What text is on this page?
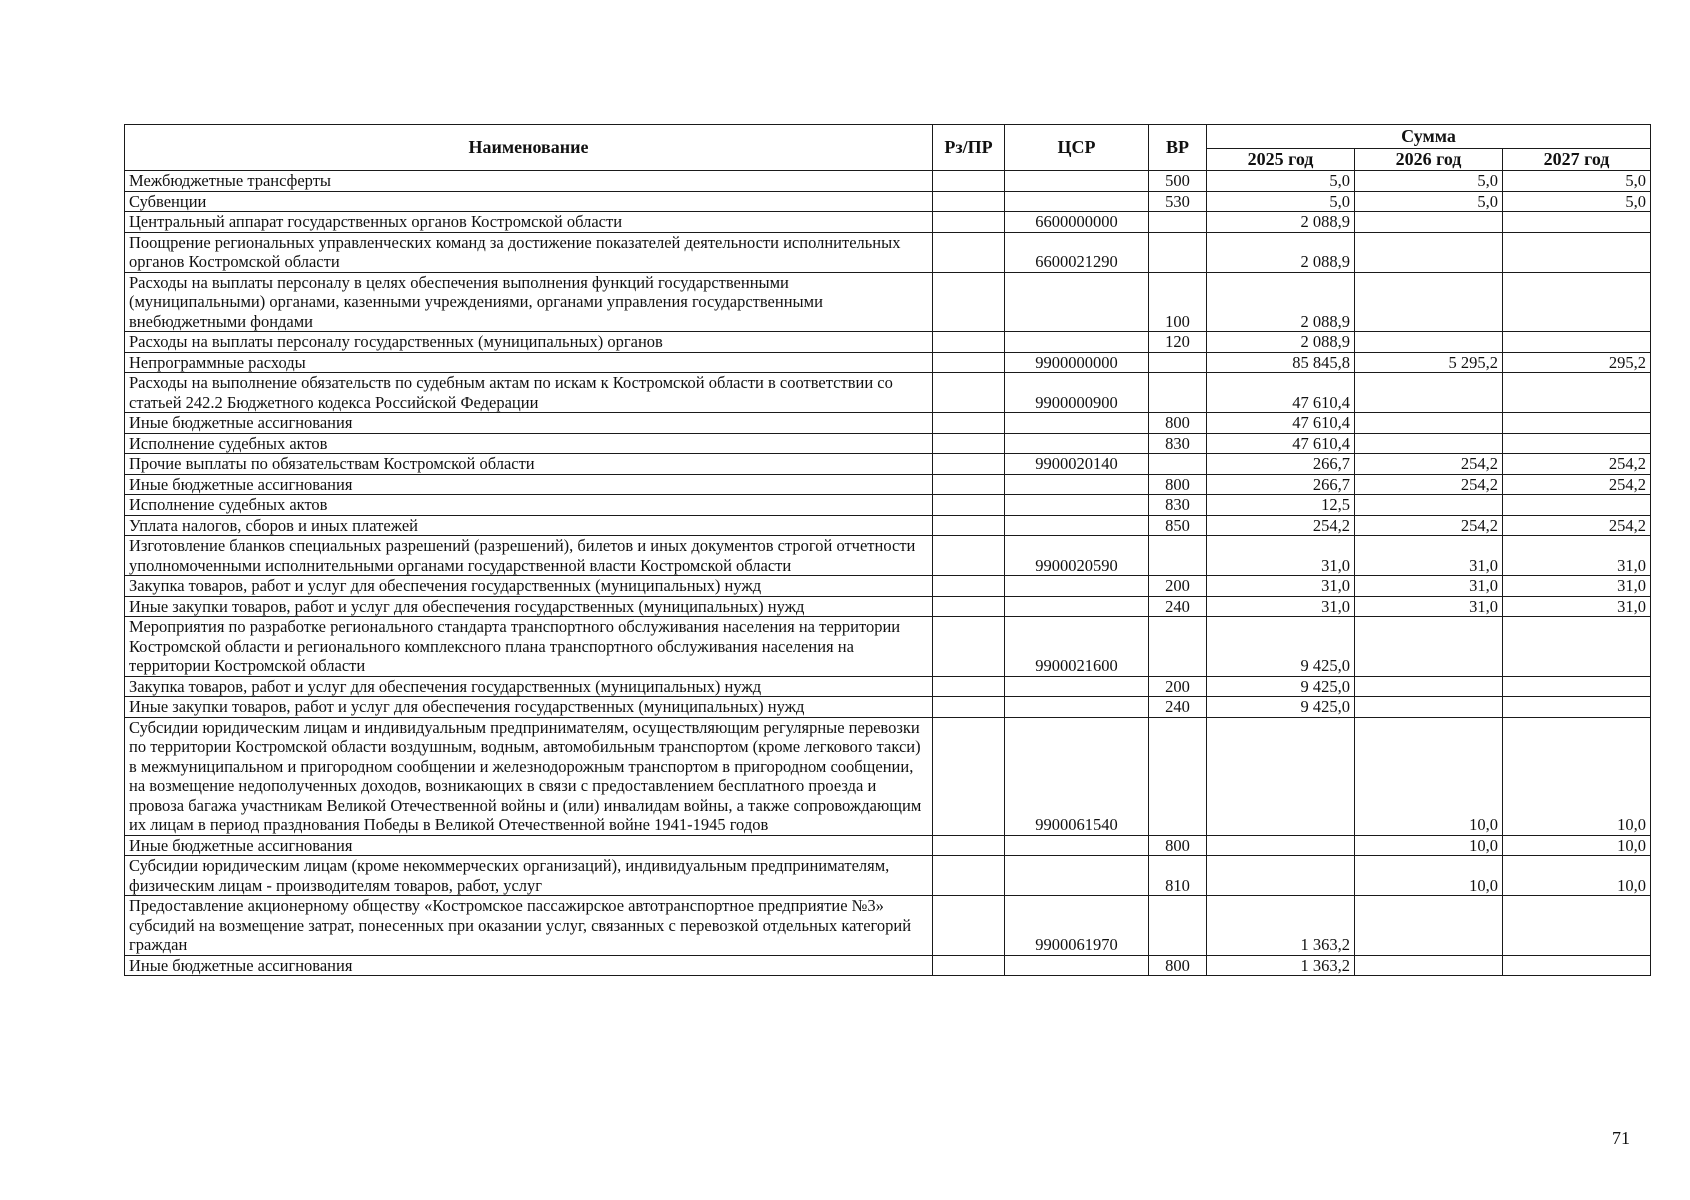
Наименование	Рз/ПР	ЦСР	ВР	Сумма		
				2025 год	2026 год	2027 год
Межбюджетные трансферты			500	5,0	5,0	5,0
Субвенции			530	5,0	5,0	5,0
Центральный аппарат государственных органов Костромской области		6600000000		2 088,9		
Поощрение региональных управленческих команд за достижение показателей деятельности исполнительных органов Костромской области		6600021290		2 088,9		
Расходы на выплаты персоналу в целях обеспечения выполнения функций государственными (муниципальными) органами, казенными учреждениями, органами управления государственными внебюджетными фондами			100	2 088,9		
Расходы на выплаты персоналу государственных (муниципальных) органов			120	2 088,9		
Непрограммные расходы		9900000000		85 845,8	5 295,2	295,2
Расходы на выполнение обязательств по судебным актам по искам к Костромской области в соответствии со статьей 242.2 Бюджетного кодекса Российской Федерации		9900000900		47 610,4		
Иные бюджетные ассигнования			800	47 610,4		
Исполнение судебных актов			830	47 610,4		
Прочие выплаты по обязательствам Костромской области		9900020140		266,7	254,2	254,2
Иные бюджетные ассигнования			800	266,7	254,2	254,2
Исполнение судебных актов			830	12,5		
Уплата налогов, сборов и иных платежей			850	254,2	254,2	254,2
Изготовление бланков специальных разрешений (разрешений), билетов и иных документов строгой отчетности уполномоченными исполнительными органами государственной власти Костромской области		9900020590		31,0	31,0	31,0
Закупка товаров, работ и услуг для обеспечения государственных (муниципальных) нужд			200	31,0	31,0	31,0
Иные закупки товаров, работ и услуг для обеспечения государственных (муниципальных) нужд			240	31,0	31,0	31,0
Мероприятия по разработке регионального стандарта транспортного обслуживания населения на территории Костромской области и регионального комплексного плана транспортного обслуживания населения на территории Костромской области		9900021600		9 425,0		
Закупка товаров, работ и услуг для обеспечения государственных (муниципальных) нужд			200	9 425,0		
Иные закупки товаров, работ и услуг для обеспечения государственных (муниципальных) нужд			240	9 425,0		
Субсидии юридическим лицам и индивидуальным предпринимателям, осуществляющим регулярные перевозки по территории Костромской области воздушным, водным, автомобильным транспортом (кроме легкового такси) в межмуниципальном и пригородном сообщении и железнодорожным транспортом в пригородном сообщении, на возмещение недополученных доходов, возникающих в связи с предоставлением бесплатного проезда и провоза багажа участникам Великой Отечественной войны и (или) инвалидам войны, а также сопровождающим их лицам в период празднования Победы в Великой Отечественной войне 1941-1945 годов		9900061540			10,0	10,0
Иные бюджетные ассигнования			800		10,0	10,0
Субсидии юридическим лицам (кроме некоммерческих организаций), индивидуальным предпринимателям, физическим лицам - производителям товаров, работ, услуг			810		10,0	10,0
Предоставление акционерному обществу «Костромское пассажирское автотранспортное предприятие №3» субсидий на возмещение затрат, понесенных при оказании услуг, связанных с перевозкой отдельных категорий граждан		9900061970		1 363,2		
Иные бюджетные ассигнования			800	1 363,2		
71
